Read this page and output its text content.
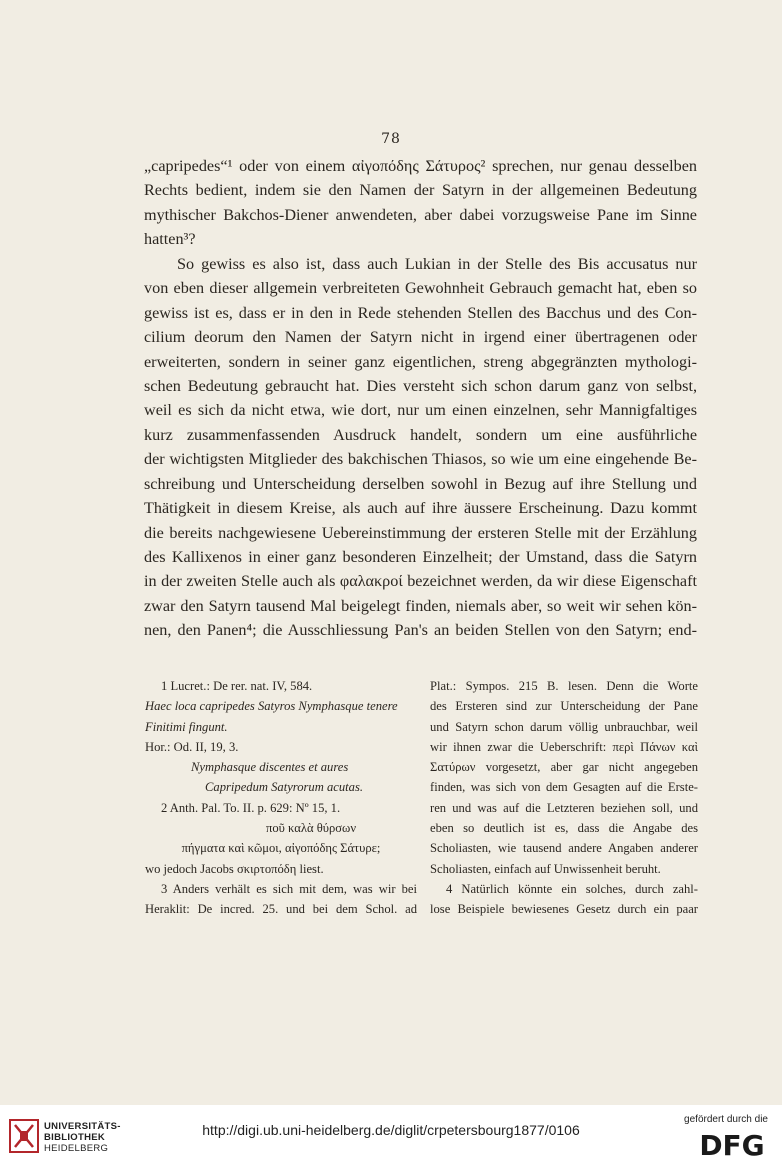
78
„capripedes“¹ oder von einem αἰγοπόδης Σάτυρος² sprechen, nur genau desselben
Rechts bedient, indem sie den Namen der Satyrn in der allgemeinen Bedeutung
mythischer Bakchos-Diener anwendeten, aber dabei vorzugsweise Pane im Sinne
hatten³?
So gewiss es also ist, dass auch Lukian in der Stelle des Bis accusatus nur
von eben dieser allgemein verbreiteten Gewohnheit Gebrauch gemacht hat, eben so
gewiss ist es, dass er in den in Rede stehenden Stellen des Bacchus und des Con-
cilium deorum den Namen der Satyrn nicht in irgend einer übertragenen oder
erweiterten, sondern in seiner ganz eigentlichen, streng abgegränzten mythologi-
schen Bedeutung gebraucht hat. Dies versteht sich schon darum ganz von selbst,
weil es sich da nicht etwa, wie dort, nur um einen einzelnen, sehr Mannigfaltiges
kurz zusammenfassenden Ausdruck handelt, sondern um eine ausführliche
der wichtigsten Mitglieder des bakchischen Thiasos, so wie um eine eingehende Be-
schreibung und Unterscheidung derselben sowohl in Bezug auf ihre Stellung und
Thätigkeit in diesem Kreise, als auch auf ihre äussere Erscheinung. Dazu kommt
die bereits nachgewiesene Uebereinstimmung der ersteren Stelle mit der Erzählung
des Kallixenos in einer ganz besonderen Einzelheit; der Umstand, dass die Satyrn
in der zweiten Stelle auch als φαλακροί bezeichnet werden, da wir diese Eigenschaft
zwar den Satyrn tausend Mal beigelegt finden, niemals aber, so weit wir sehen kön-
nen, den Panen⁴; die Ausschliessung Pan's an beiden Stellen von den Satyrn; end-
1 Lucret.: De rer. nat. IV, 584.
Haec loca capripedes Satyros Nymphasque tenere
Finitimi fingunt.
Hor.: Od. II, 19, 3.
Nymphasque discentes et aures
Capripedum Satyrorum acutas.
2 Anth. Pal. To. II. p. 629: Nº 15, 1.
ποῦ καλὰ θύρσων
πήγματα καὶ κῶμοι, αἰγοπόδης Σάτυρε;
wo jedoch Jacobs σκιρτοπόδη liest.
3 Anders verhält es sich mit dem, was wir bei
Heraklit: De incred. 25. und bei dem Schol. ad
Plat.: Sympos. 215 B. lesen. Denn die Worte
des Ersteren sind zur Unterscheidung der Pane
und Satyrn schon darum völlig unbrauchbar, weil
wir ihnen zwar die Ueberschrift: περὶ Πάνων καὶ
Σατύρων vorgesetzt, aber gar nicht angegeben
finden, was sich von dem Gesagten auf die Erste-
ren und was auf die Letzteren beziehen soll, und
eben so deutlich ist es, dass die Angabe des
Scholiasten, wie tausend andere Angaben anderer
Scholiasten, einfach auf Unwissenheit beruht.
4 Natürlich könnte ein solches, durch zahl-
lose Beispiele bewiesenes Gesetz durch ein paar
UNIVERSITÄTS-
BIBLIOTHEK
HEIDELBERG
http://digi.ub.uni-heidelberg.de/diglit/crpetersbourg1877/0106
gefördert durch die
DFG
